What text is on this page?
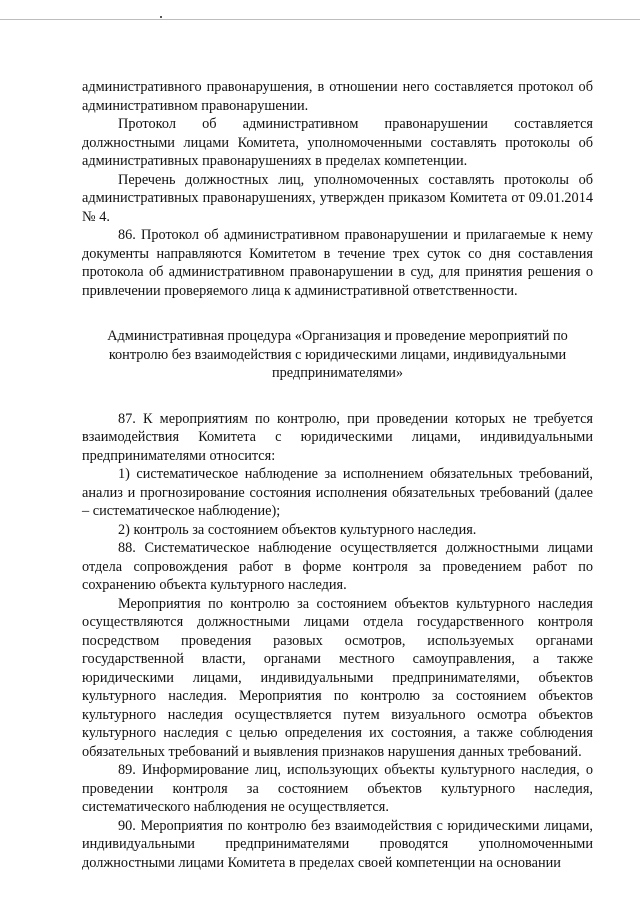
административного правонарушения, в отношении него составляется протокол об административном правонарушении.

Протокол об административном правонарушении составляется должностными лицами Комитета, уполномоченными составлять протоколы об административных правонарушениях в пределах компетенции.

Перечень должностных лиц, уполномоченных составлять протоколы об административных правонарушениях, утвержден приказом Комитета от 09.01.2014 № 4.

86. Протокол об административном правонарушении и прилагаемые к нему документы направляются Комитетом в течение трех суток со дня составления протокола об административном правонарушении в суд, для принятия решения о привлечении проверяемого лица к административной ответственности.

Административная процедура «Организация и проведение мероприятий по контролю без взаимодействия с юридическими лицами, индивидуальными предпринимателями»

87. К мероприятиям по контролю, при проведении которых не требуется взаимодействия Комитета с юридическими лицами, индивидуальными предпринимателями относится:

1) систематическое наблюдение за исполнением обязательных требований, анализ и прогнозирование состояния исполнения обязательных требований (далее – систематическое наблюдение);

2) контроль за состоянием объектов культурного наследия.

88. Систематическое наблюдение осуществляется должностными лицами отдела сопровождения работ в форме контроля за проведением работ по сохранению объекта культурного наследия.

Мероприятия по контролю за состоянием объектов культурного наследия осуществляются должностными лицами отдела государственного контроля посредством проведения разовых осмотров, используемых органами государственной власти, органами местного самоуправления, а также юридическими лицами, индивидуальными предпринимателями, объектов культурного наследия. Мероприятия по контролю за состоянием объектов культурного наследия осуществляется путем визуального осмотра объектов культурного наследия с целью определения их состояния, а также соблюдения обязательных требований и выявления признаков нарушения данных требований.

89. Информирование лиц, использующих объекты культурного наследия, о проведении контроля за состоянием объектов культурного наследия, систематического наблюдения не осуществляется.

90. Мероприятия по контролю без взаимодействия с юридическими лицами, индивидуальными предпринимателями проводятся уполномоченными должностными лицами Комитета в пределах своей компетенции на основании
